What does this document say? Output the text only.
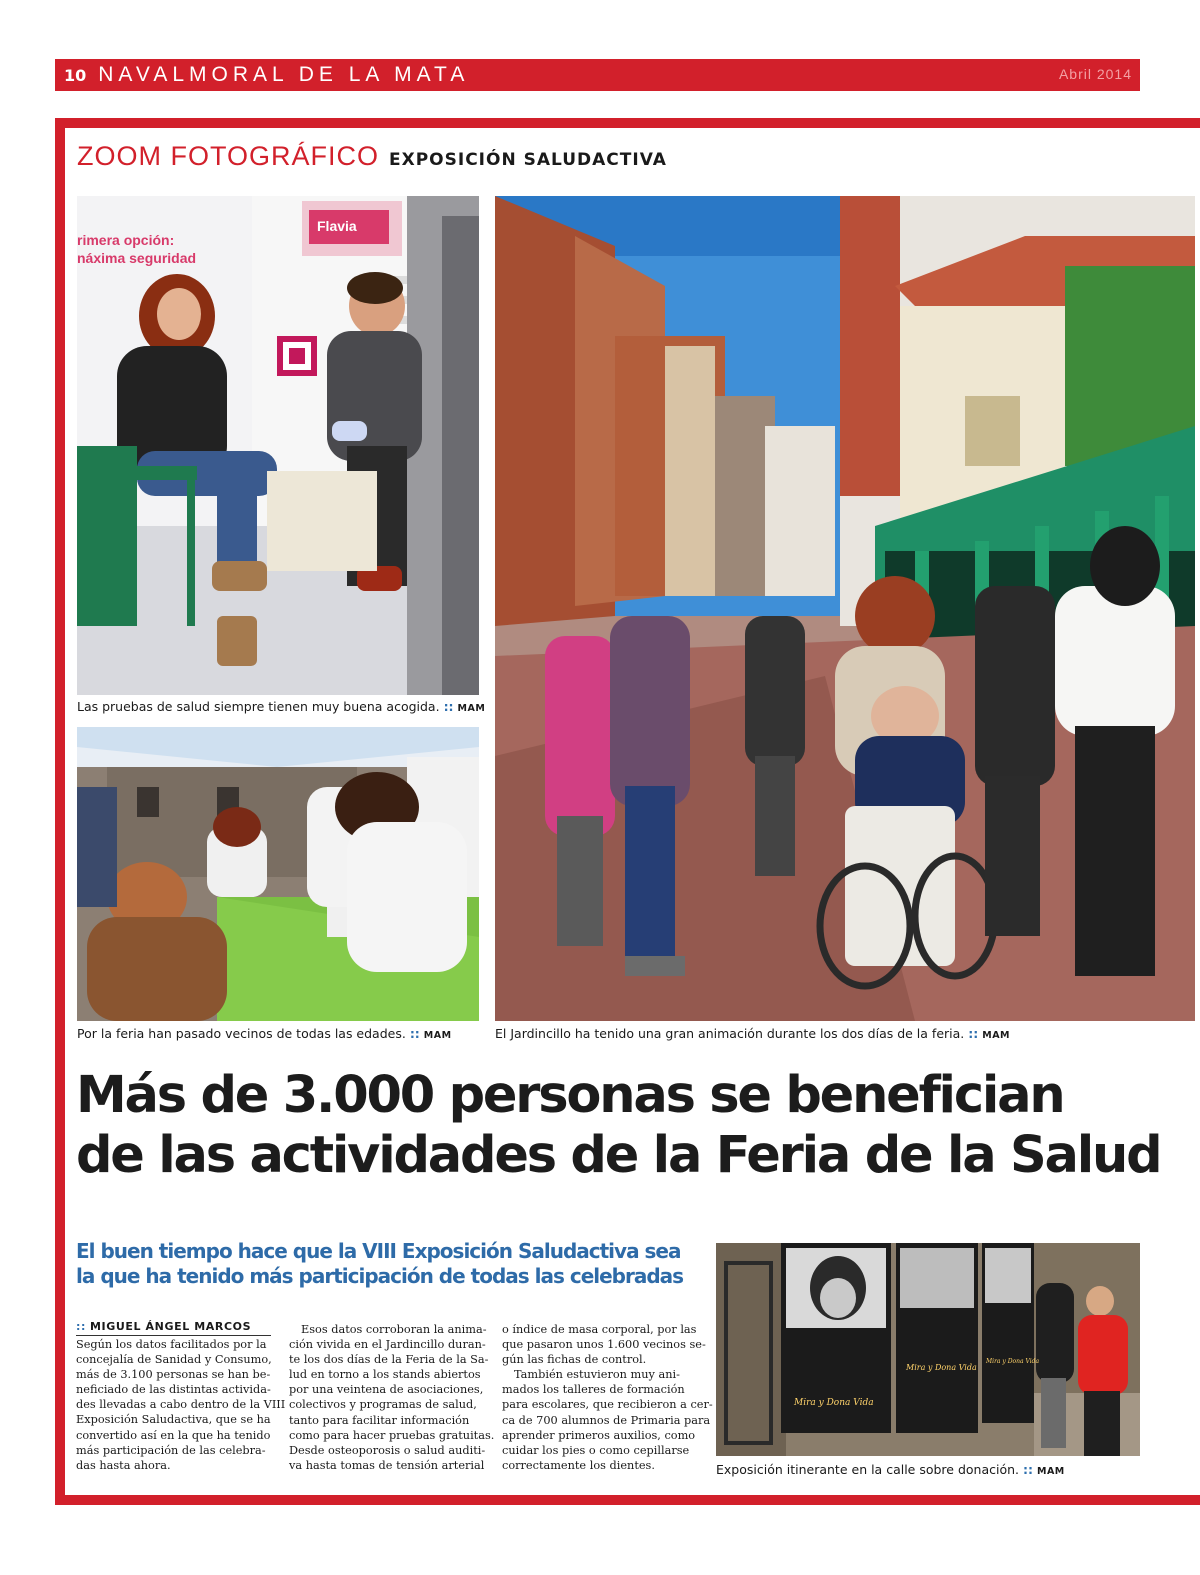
10 NAVALMORAL DE LA MATA	Abril 2014
ZOOM FOTOGRÁFICO EXPOSICIÓN SALUDACTIVA
rimera opción:
náxima seguridad
Flavia
Las pruebas de salud siempre tienen muy buena acogida. :: MAM
Por la feria han pasado vecinos de todas las edades. :: MAM	El Jardincillo ha tenido una gran animación durante los dos días de la feria. :: MAM
Más de 3.000 personas se benefician
de las actividades de la Feria de la Salud
El buen tiempo hace que la VIII Exposición Saludactiva sea
la que ha tenido más participación de todas las celebradas
:: MIGUEL ÁNGEL MARCOS
Según los datos facilitados por la
concejalía de Sanidad y Consumo,
más de 3.100 personas se han be-
neficiado de las distintas activida-
des llevadas a cabo dentro de la VIII
Exposición Saludactiva, que se ha
convertido así en la que ha tenido
más participación de las celebra-
das hasta ahora.
Esos datos corroboran la anima-
ción vivida en el Jardincillo duran-
te los dos días de la Feria de la Sa-
lud en torno a los stands abiertos
por una veintena de asociaciones,
colectivos y programas de salud,
tanto para facilitar información
como para hacer pruebas gratuitas.
Desde osteoporosis o salud auditi-
va hasta tomas de tensión arterial
o índice de masa corporal, por las
que pasaron unos 1.600 vecinos se-
gún las fichas de control.
También estuvieron muy ani-
mados los talleres de formación
para escolares, que recibieron a cer-
ca de 700 alumnos de Primaria para
aprender primeros auxilios, como
cuidar los pies o como cepillarse
correctamente los dientes.
Mira y Dona Vida
Mira y Dona Vida
Mira y Dona Vida
Exposición itinerante en la calle sobre donación. :: MAM
